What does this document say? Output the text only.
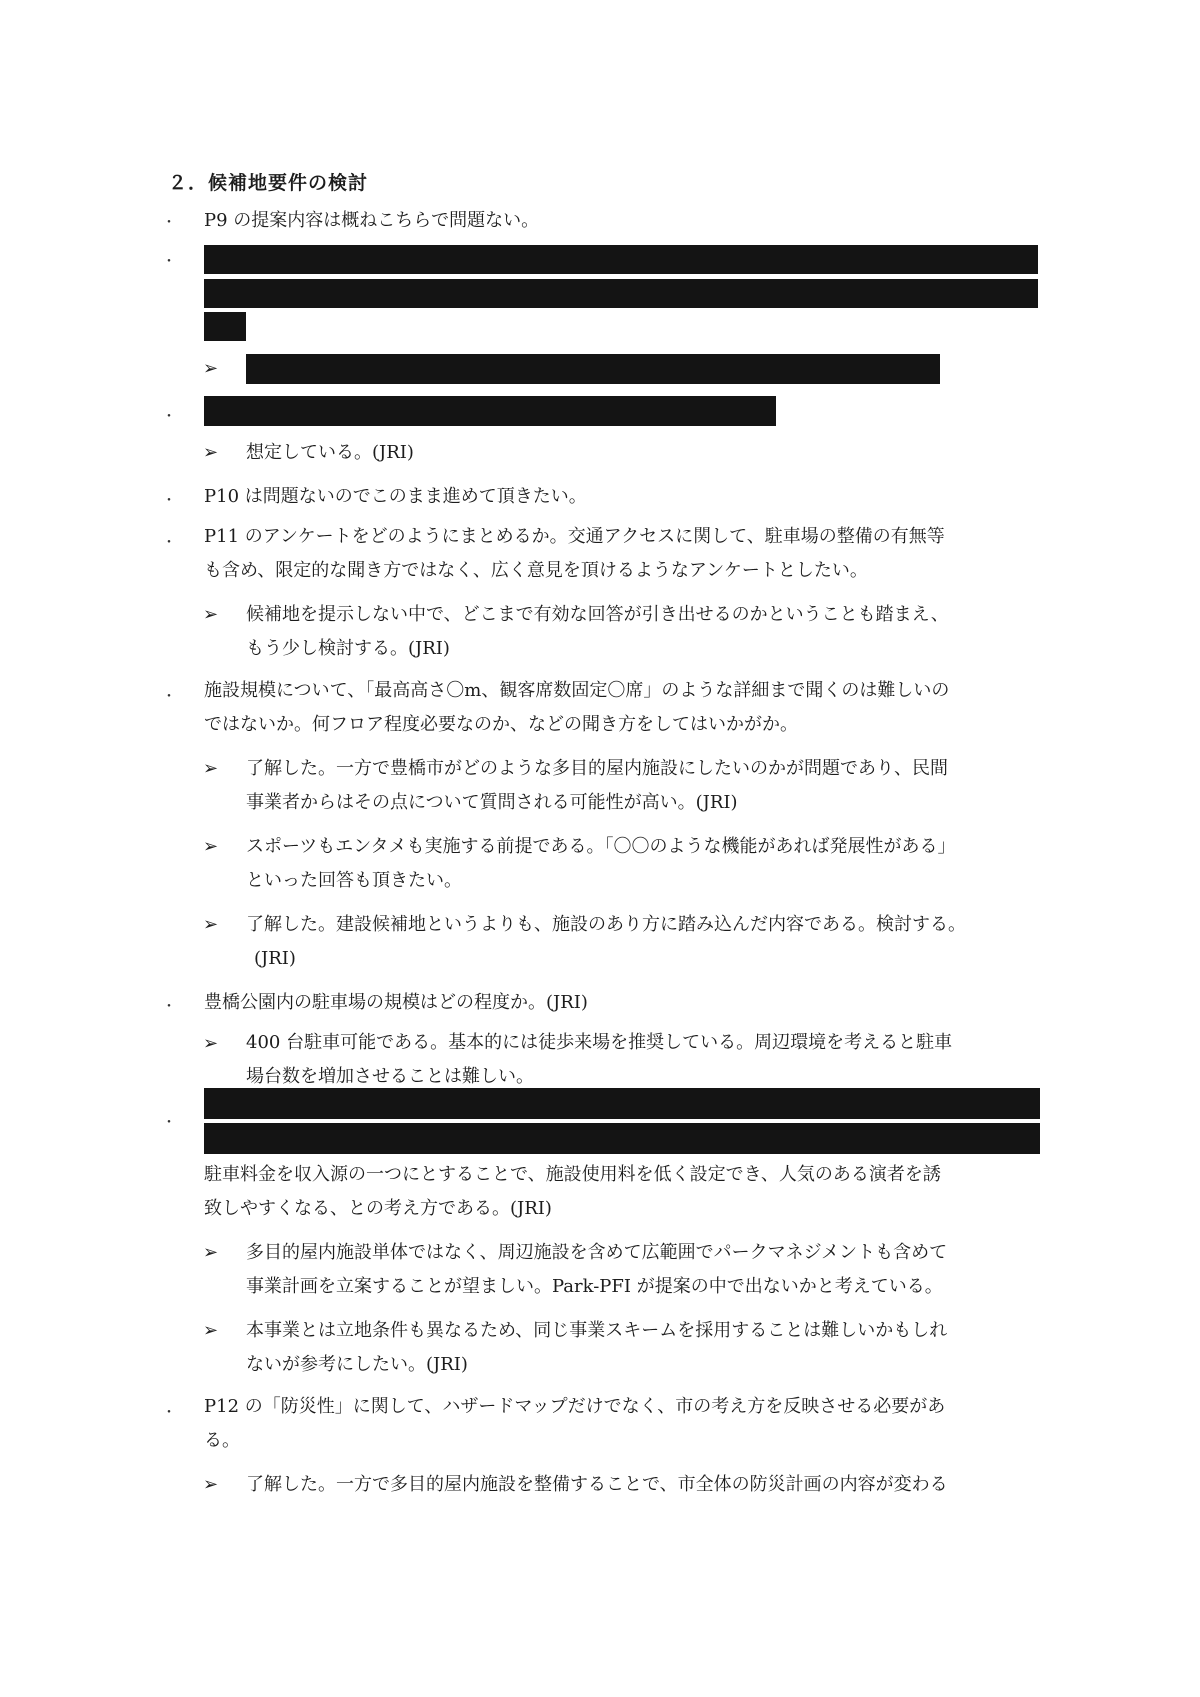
２．候補地要件の検討
・ P9 の提案内容は概ねこちらで問題ない。
・
➢
・
➢ 想定している。(JRI)
・ P10 は問題ないのでこのまま進めて頂きたい。
・ P11 のアンケートをどのようにまとめるか。交通アクセスに関して、駐車場の整備の有無等
も含め、限定的な聞き方ではなく、広く意見を頂けるようなアンケートとしたい。
➢ 候補地を提示しない中で、どこまで有効な回答が引き出せるのかということも踏まえ、
もう少し検討する。(JRI)
・ 施設規模について、「最高高さ〇m、観客席数固定〇席」のような詳細まで聞くのは難しいの
ではないか。何フロア程度必要なのか、などの聞き方をしてはいかがか。
➢ 了解した。一方で豊橋市がどのような多目的屋内施設にしたいのかが問題であり、民間
事業者からはその点について質問される可能性が高い。(JRI)
➢ スポーツもエンタメも実施する前提である。「〇〇のような機能があれば発展性がある」
といった回答も頂きたい。
➢ 了解した。建設候補地というよりも、施設のあり方に踏み込んだ内容である。検討する。
(JRI)
・ 豊橋公園内の駐車場の規模はどの程度か。(JRI)
➢ 400 台駐車可能である。基本的には徒歩来場を推奨している。周辺環境を考えると駐車
場台数を増加させることは難しい。
・
駐車料金を収入源の一つにとすることで、施設使用料を低く設定でき、人気のある演者を誘
致しやすくなる、との考え方である。(JRI)
➢ 多目的屋内施設単体ではなく、周辺施設を含めて広範囲でパークマネジメントも含めて
事業計画を立案することが望ましい。Park-PFI が提案の中で出ないかと考えている。
➢ 本事業とは立地条件も異なるため、同じ事業スキームを採用することは難しいかもしれ
ないが参考にしたい。(JRI)
・ P12 の「防災性」に関して、ハザードマップだけでなく、市の考え方を反映させる必要があ
る。
➢ 了解した。一方で多目的屋内施設を整備することで、市全体の防災計画の内容が変わる
